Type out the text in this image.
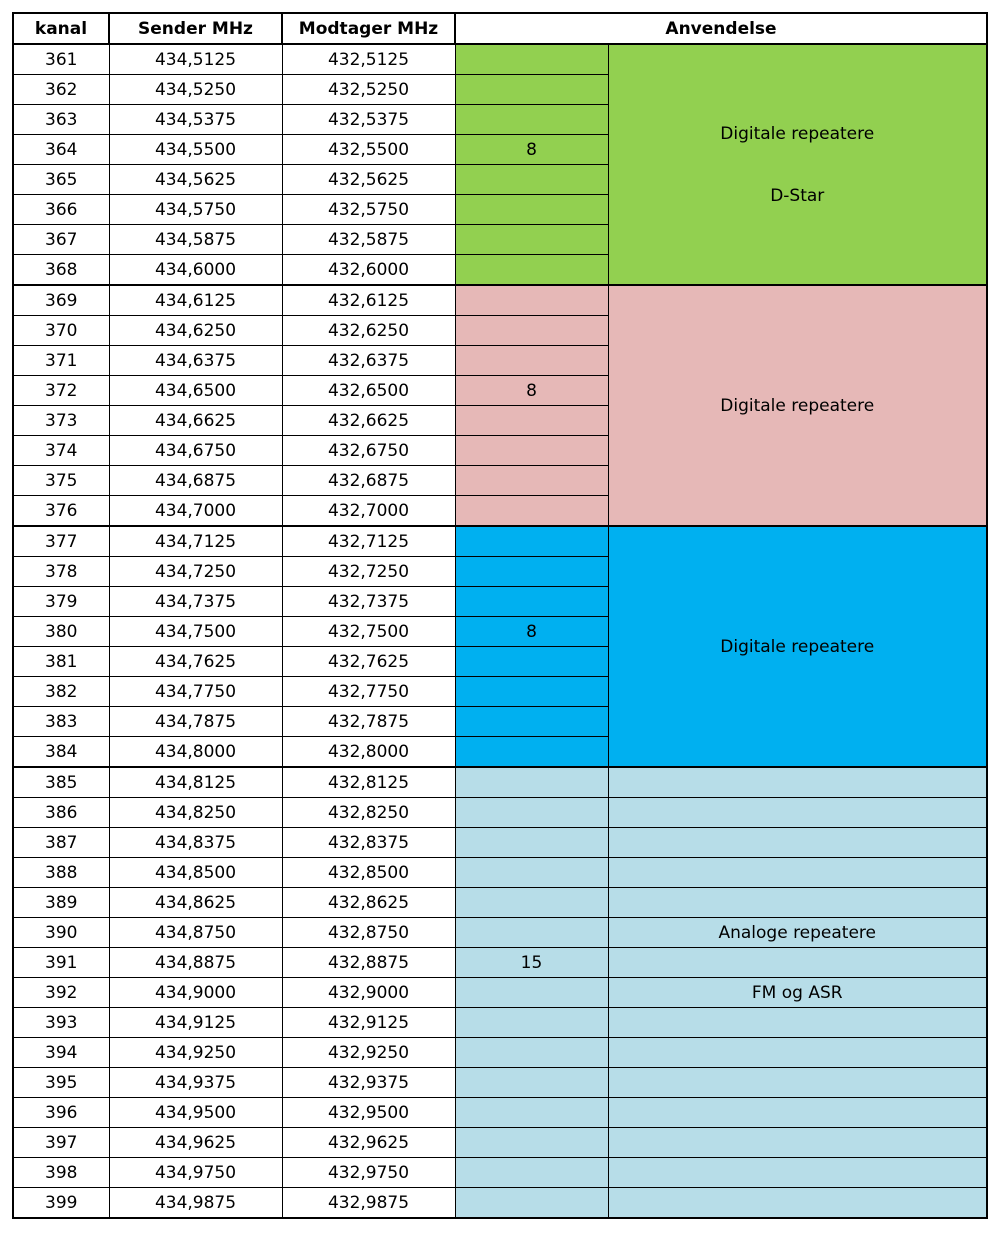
kanal	Sender MHz	Modtager MHz	Anvendelse	
361	434,5125	432,5125		Digitale repeatere
D-Star

362	434,5250	432,5250		
363	434,5375	432,5375		
364	434,5500	432,5500	8	
365	434,5625	432,5625		
366	434,5750	432,5750		
367	434,5875	432,5875		
368	434,6000	432,6000		
369	434,6125	432,6125		Digitale repeatere

370	434,6250	432,6250		
371	434,6375	432,6375		
372	434,6500	432,6500	8	
373	434,6625	432,6625		
374	434,6750	432,6750		
375	434,6875	432,6875		
376	434,7000	432,7000		
377	434,7125	432,7125		Digitale repeatere

378	434,7250	432,7250		
379	434,7375	432,7375		
380	434,7500	432,7500	8	
381	434,7625	432,7625		
382	434,7750	432,7750		
383	434,7875	432,7875		
384	434,8000	432,8000		
385	434,8125	432,8125		
386	434,8250	432,8250		
387	434,8375	432,8375		
388	434,8500	432,8500		
389	434,8625	432,8625		
390	434,8750	432,8750		Analoge repeatere
391	434,8875	432,8875	15	
392	434,9000	432,9000		FM og ASR
393	434,9125	432,9125		
394	434,9250	432,9250		
395	434,9375	432,9375		
396	434,9500	432,9500		
397	434,9625	432,9625		
398	434,9750	432,9750		
399	434,9875	432,9875		
